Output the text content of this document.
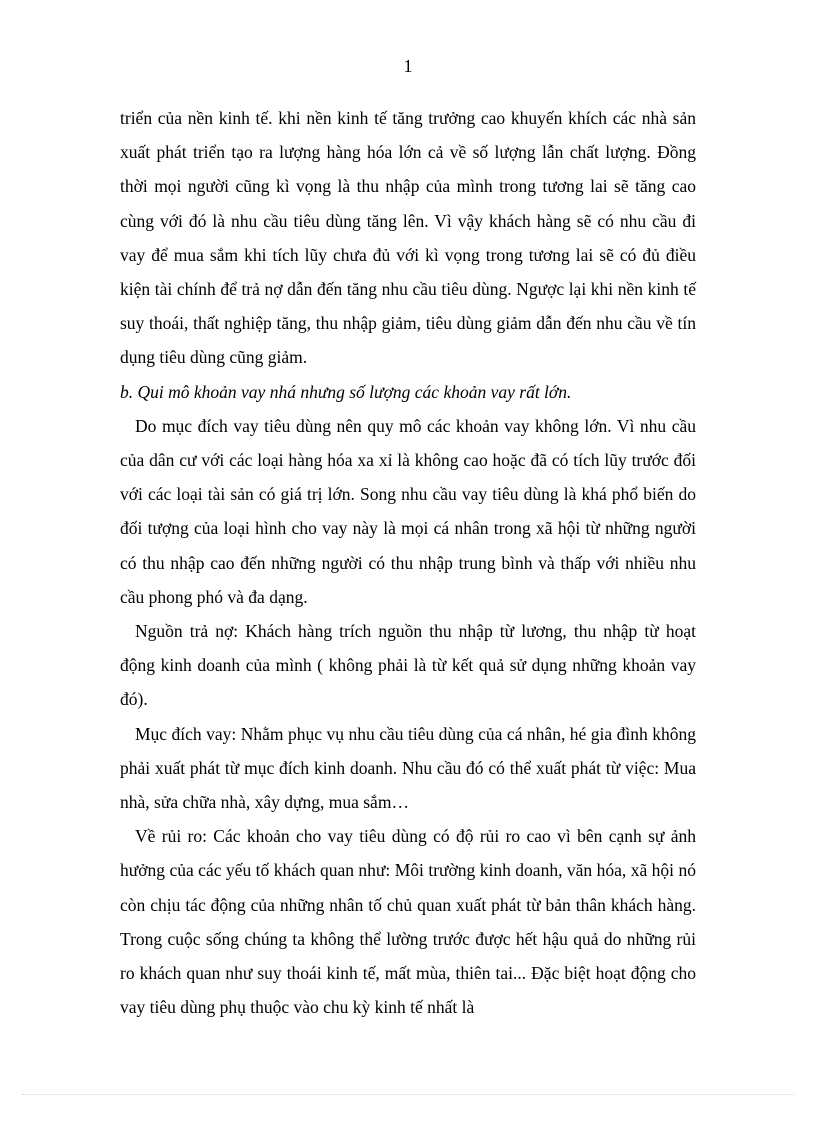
1

triển của nền kinh tế. khi nền kinh tế tăng trưởng cao khuyến khích các nhà sản xuất phát triển tạo ra lượng hàng hóa lớn cả về số lượng lẫn chất lượng. Đồng thời mọi người cũng kì vọng là thu nhập của mình trong tương lai sẽ tăng cao cùng với đó là nhu cầu tiêu dùng tăng lên. Vì vậy khách hàng sẽ có nhu cầu đi vay để mua sắm khi tích lũy chưa đủ với kì vọng trong tương lai sẽ có đủ điều kiện tài chính để trả nợ dẫn đến tăng nhu cầu tiêu dùng. Ngược lại khi nền kinh tế suy thoái, thất nghiệp tăng, thu nhập giảm, tiêu dùng giảm dẫn đến nhu cầu về tín dụng tiêu dùng cũng giảm.

b. Qui mô khoản vay nhá nhưng số lượng các khoản vay rất lớn.

Do mục đích vay tiêu dùng nên quy mô các khoản vay không lớn. Vì nhu cầu của dân cư với các loại hàng hóa xa xỉ là không cao hoặc đã có tích lũy trước đối với các loại tài sản có giá trị lớn. Song nhu cầu vay tiêu dùng là khá phổ biến do đối tượng của loại hình cho vay này là mọi cá nhân trong xã hội từ những người có thu nhập cao đến những người có thu nhập trung bình và thấp với nhiều nhu cầu phong phó và đa dạng.

Nguồn trả nợ: Khách hàng trích nguồn thu nhập từ lương, thu nhập từ hoạt động kinh doanh của mình ( không phải là từ kết quả sử dụng những khoản vay đó).

Mục đích vay: Nhằm phục vụ nhu cầu tiêu dùng của cá nhân, hé gia đình không phải xuất phát từ mục đích kinh doanh. Nhu cầu đó có thể xuất phát từ việc: Mua nhà, sửa chữa nhà, xây dựng, mua sắm…

Về rủi ro: Các khoản cho vay tiêu dùng có độ rủi ro cao vì bên cạnh sự ảnh hưởng của các yếu tố khách quan như: Môi trường kinh doanh, văn hóa, xã hội nó còn chịu tác động của những nhân tố chủ quan xuất phát từ bản thân khách hàng. Trong cuộc sống chúng ta không thể lường trước được hết hậu quả do những rủi ro khách quan như suy thoái kinh tế, mất mùa, thiên tai... Đặc biệt hoạt động cho vay tiêu dùng phụ thuộc vào chu kỳ kinh tế nhất là
